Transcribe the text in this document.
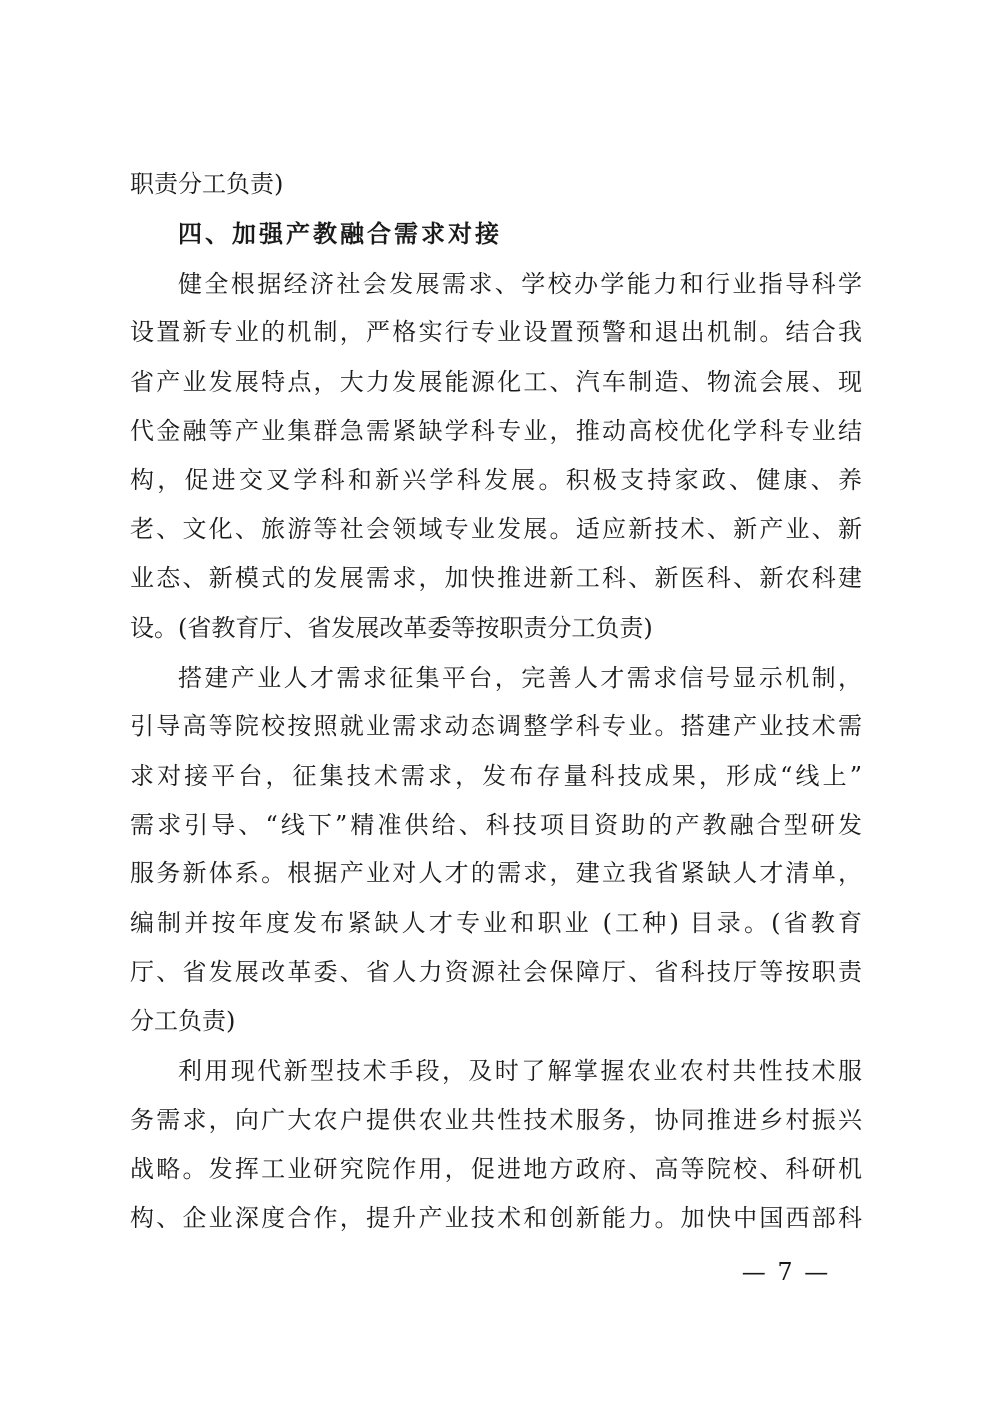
职责分工负责)
四、加强产教融合需求对接
健全根据经济社会发展需求、学校办学能力和行业指导科学
设置新专业的机制，严格实行专业设置预警和退出机制。结合我
省产业发展特点，大力发展能源化工、汽车制造、物流会展、现
代金融等产业集群急需紧缺学科专业，推动高校优化学科专业结
构，促进交叉学科和新兴学科发展。积极支持家政、健康、养
老、文化、旅游等社会领域专业发展。适应新技术、新产业、新
业态、新模式的发展需求，加快推进新工科、新医科、新农科建
设。(省教育厅、省发展改革委等按职责分工负责)
搭建产业人才需求征集平台，完善人才需求信号显示机制，
引导高等院校按照就业需求动态调整学科专业。搭建产业技术需
求对接平台，征集技术需求，发布存量科技成果，形成“线上”
需求引导、“线下”精准供给、科技项目资助的产教融合型研发
服务新体系。根据产业对人才的需求，建立我省紧缺人才清单，
编制并按年度发布紧缺人才专业和职业 (工种) 目录。(省教育
厅、省发展改革委、省人力资源社会保障厅、省科技厅等按职责
分工负责)
利用现代新型技术手段，及时了解掌握农业农村共性技术服
务需求，向广大农户提供农业共性技术服务，协同推进乡村振兴
战略。发挥工业研究院作用，促进地方政府、高等院校、科研机
构、企业深度合作，提升产业技术和创新能力。加快中国西部科
— 7 —
